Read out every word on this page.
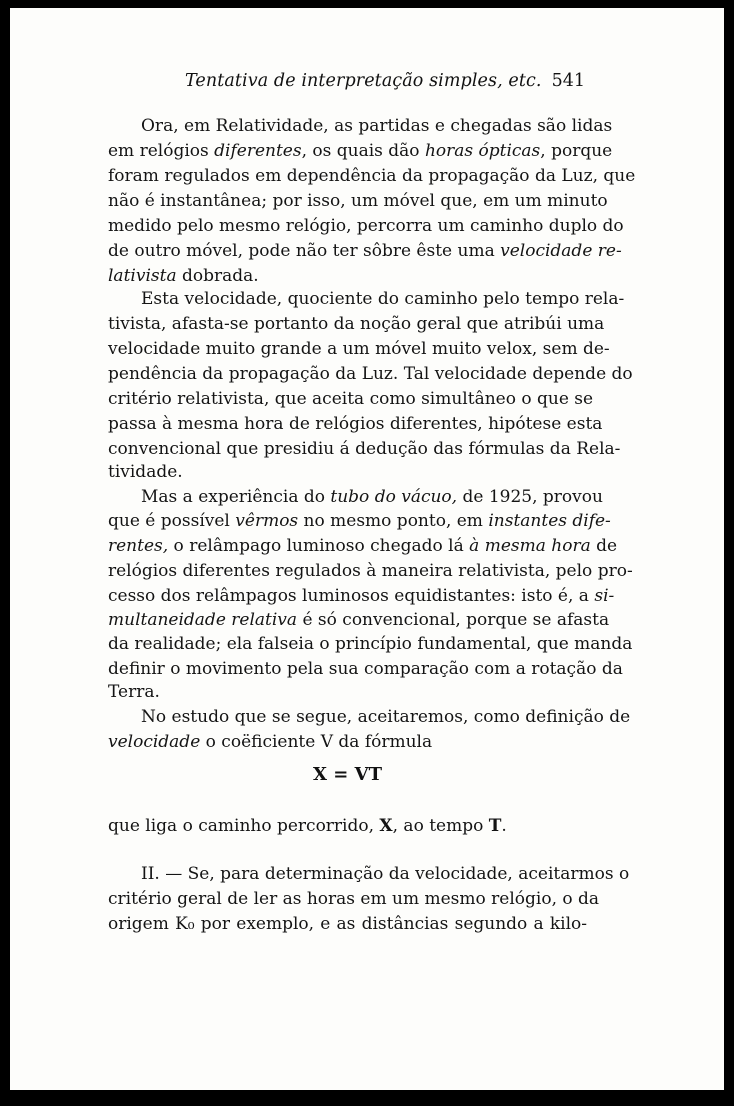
Tentativa de interpretação simples, etc. 541
Ora, em Relatividade, as partidas e chegadas são lidas
em relógios diferentes, os quais dão horas ópticas, porque
foram regulados em dependência da propagação da Luz, que
não é instantânea; por isso, um móvel que, em um minuto
medido pelo mesmo relógio, percorra um caminho duplo do
de outro móvel, pode não ter sôbre êste uma velocidade re-
lativista dobrada.
Esta velocidade, quociente do caminho pelo tempo rela-
tivista, afasta-se portanto da noção geral que atribúi uma
velocidade muito grande a um móvel muito velox, sem de-
pendência da propagação da Luz. Tal velocidade depende do
critério relativista, que aceita como simultâneo o que se
passa à mesma hora de relógios diferentes, hipótese esta
convencional que presidiu á dedução das fórmulas da Rela-
tividade.
Mas a experiência do tubo do vácuo, de 1925, provou
que é possível vêrmos no mesmo ponto, em instantes dife-
rentes, o relâmpago luminoso chegado lá à mesma hora de
relógios diferentes regulados à maneira relativista, pelo pro-
cesso dos relâmpagos luminosos equidistantes: isto é, a si-
multaneidade relativa é só convencional, porque se afasta
da realidade; ela falseia o princípio fundamental, que manda
definir o movimento pela sua comparação com a rotação da
Terra.
No estudo que se segue, aceitaremos, como definição de
velocidade o coëficiente V da fórmula
X = VT
que liga o caminho percorrido, X, ao tempo T.
II. — Se, para determinação da velocidade, aceitarmos o
critério geral de ler as horas em um mesmo relógio, o da
origem K₀ por exemplo, e as distâncias segundo a kilo-
